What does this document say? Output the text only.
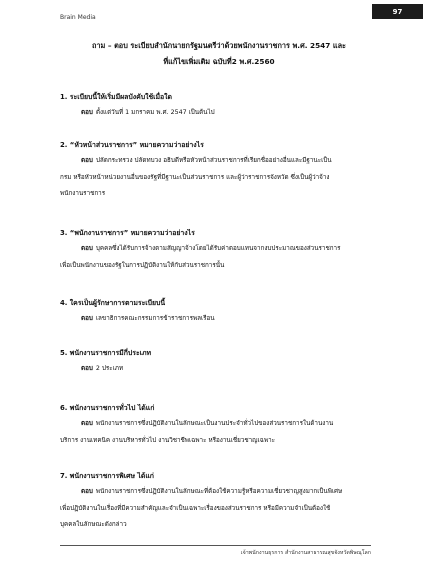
Brain Media
97
ถาม – ตอบ ระเบียบสำนักนายกรัฐมนตรีว่าด้วยพนักงานราชการ พ.ศ. 2547 และ
ที่แก้ไขเพิ่มเติม ฉบับที่2 พ.ศ.2560
1. ระเบียบนี้ให้เริ่มมีผลบังคับใช้เมื่อใด
ตอบ ตั้งแต่วันที่ 1 มกราคม พ.ศ. 2547 เป็นต้นไป
2. “หัวหน้าส่วนราชการ” หมายความว่าอย่างไร
ตอบ ปลัดกระทรวง ปลัดทบวง อธิบดีหรือหัวหน้าส่วนราชการที่เรียกชื่ออย่างอื่นและมีฐานะเป็น
กรม หรือหัวหน้าหน่วยงานอื่นของรัฐที่มีฐานะเป็นส่วนราชการ และผู้ว่าราชการจังหวัด ซึ่งเป็นผู้ว่าจ้าง
พนักงานราชการ
3. “พนักงานราชการ” หมายความว่าอย่างไร
ตอบ บุคคลซึ่งได้รับการจ้างตามสัญญาจ้างโดยได้รับค่าตอบแทนจากงบประมาณของส่วนราชการ
เพื่อเป็นพนักงานของรัฐในการปฏิบัติงานให้กับส่วนราชการนั้น
4. ใครเป็นผู้รักษาการตามระเบียบนี้
ตอบ เลขาธิการคณะกรรมการข้าราชการพลเรือน
5. พนักงานราชการมีกี่ประเภท
ตอบ 2 ประเภท
6. พนักงานราชการทั่วไป ได้แก่
ตอบ พนักงานราชการซึ่งปฏิบัติงานในลักษณะเป็นงานประจำทั่วไปของส่วนราชการในด้านงาน
บริการ งานเทคนิค งานบริหารทั่วไป งานวิชาชีพเฉพาะ หรืองานเชี่ยวชาญเฉพาะ
7. พนักงานราชการพิเศษ ได้แก่
ตอบ พนักงานราชการซึ่งปฏิบัติงานในลักษณะที่ต้องใช้ความรู้หรือความเชี่ยวชาญสูงมากเป็นพิเศษ
เพื่อปฏิบัติงานในเรื่องที่มีความสำคัญและจำเป็นเฉพาะเรื่องของส่วนราชการ หรือมีความจำเป็นต้องใช้
บุคคลในลักษณะดังกล่าว
เจ้าพนักงานธุรการ สำนักงานสาธารณสุขจังหวัดพิษณุโลก
